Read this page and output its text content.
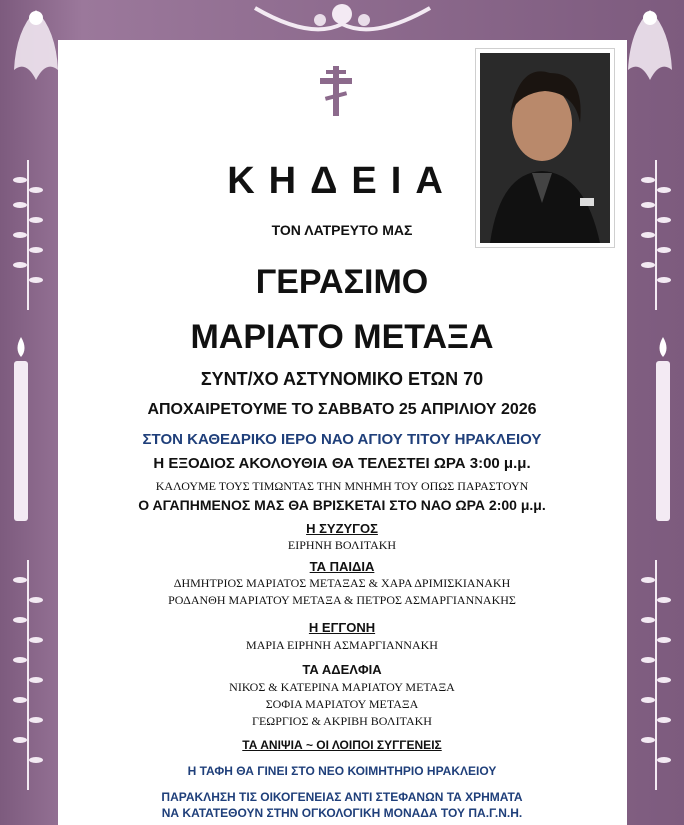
ΚΗΔΕΙΑ
ΤΟΝ ΛΑΤΡΕΥΤΟ ΜΑΣ
ΓΕΡΑΣΙΜΟ
ΜΑΡΙΑΤΟ ΜΕΤΑΞΑ
ΣΥΝΤ/ΧΟ ΑΣΤΥΝΟΜΙΚΟ ΕΤΩΝ 70
ΑΠΟΧΑΙΡΕΤΟΥΜΕ ΤΟ ΣΑΒΒΑΤΟ 25 ΑΠΡΙΛΙΟΥ 2026
ΣΤΟΝ ΚΑΘΕΔΡΙΚΟ ΙΕΡΟ ΝΑΟ ΑΓΙΟΥ ΤΙΤΟΥ ΗΡΑΚΛΕΙΟΥ
Η ΕΞΟΔΙΟΣ ΑΚΟΛΟΥΘΙΑ ΘΑ ΤΕΛΕΣΤΕΙ ΩΡΑ 3:00 μ.μ.
ΚΑΛΟΥΜΕ ΤΟΥΣ ΤΙΜΩΝΤΑΣ ΤΗΝ ΜΝΗΜΗ ΤΟΥ ΟΠΩΣ ΠΑΡΑΣΤΟΥΝ
Ο ΑΓΑΠΗΜΕΝΟΣ ΜΑΣ ΘΑ ΒΡΙΣΚΕΤΑΙ ΣΤΟ ΝΑΟ ΩΡΑ 2:00 μ.μ.
Η ΣΥΖΥΓΟΣ
ΕΙΡΗΝΗ ΒΟΛΙΤΑΚΗ
ΤΑ ΠΑΙΔΙΑ
ΔΗΜΗΤΡΙΟΣ ΜΑΡΙΑΤΟΣ ΜΕΤΑΞΑΣ & ΧΑΡΑ ΔΡΙΜΙΣΚΙΑΝΑΚΗ
ΡΟΔΑΝΘΗ ΜΑΡΙΑΤΟΥ ΜΕΤΑΞΑ & ΠΕΤΡΟΣ ΑΣΜΑΡΓΙΑΝΝΑΚΗΣ
Η ΕΓΓΟΝΗ
ΜΑΡΙΑ ΕΙΡΗΝΗ ΑΣΜΑΡΓΙΑΝΝΑΚΗ
ΤΑ ΑΔΕΛΦΙΑ
ΝΙΚΟΣ & ΚΑΤΕΡΙΝΑ ΜΑΡΙΑΤΟΥ ΜΕΤΑΞΑ
ΣΟΦΙΑ ΜΑΡΙΑΤΟΥ ΜΕΤΑΞΑ
ΓΕΩΡΓΙΟΣ & ΑΚΡΙΒΗ ΒΟΛΙΤΑΚΗ
ΤΑ ΑΝΙΨΙΑ ~ ΟΙ ΛΟΙΠΟΙ ΣΥΓΓΕΝΕΙΣ
Η ΤΑΦΗ ΘΑ ΓΙΝΕΙ ΣΤΟ ΝΕΟ ΚΟΙΜΗΤΗΡΙΟ ΗΡΑΚΛΕΙΟΥ
ΠΑΡΑΚΛΗΣΗ ΤΙΣ ΟΙΚΟΓΕΝΕΙΑΣ ΑΝΤΙ ΣΤΕΦΑΝΩΝ ΤΑ ΧΡΗΜΑΤΑ
ΝΑ ΚΑΤΑΤΕΘΟΥΝ ΣΤΗΝ ΟΓΚΟΛΟΓΙΚΗ ΜΟΝΑΔΑ ΤΟΥ ΠΑ.Γ.Ν.Η.
